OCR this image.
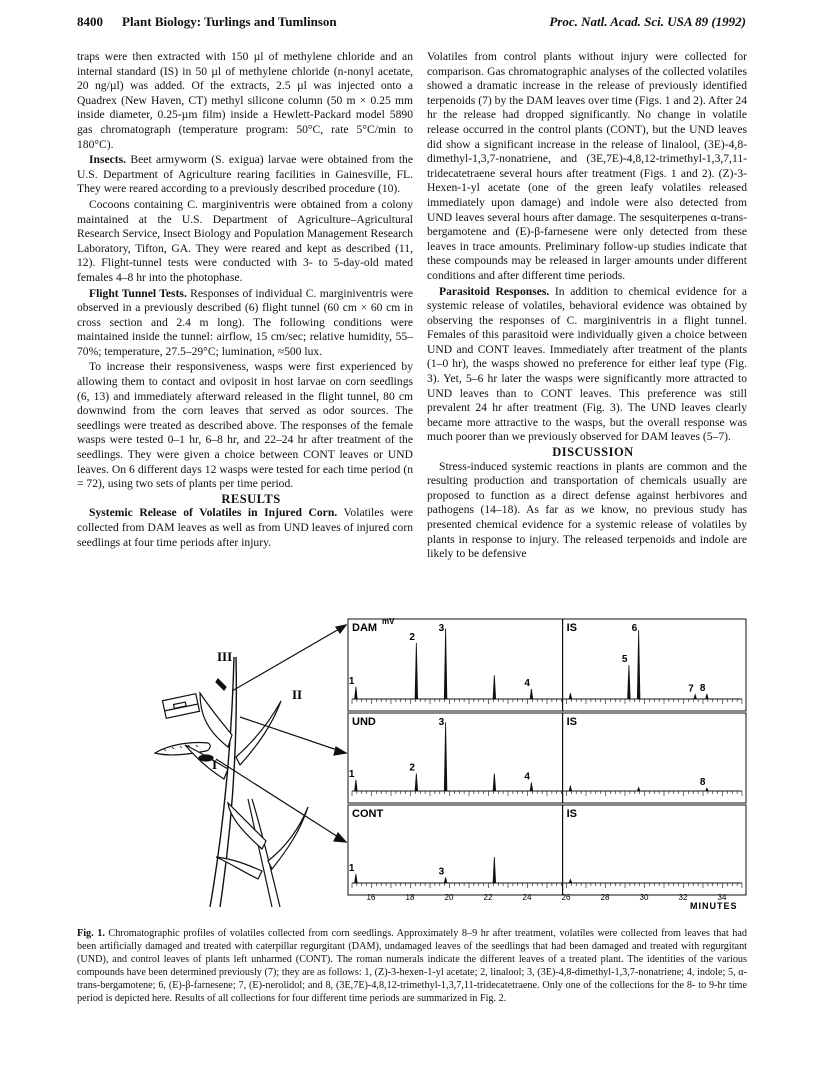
8400 Plant Biology: Turlings and Tumlinson	Proc. Natl. Acad. Sci. USA 89 (1992)

traps were then extracted with 150 µl of methylene chloride and an internal standard (IS) in 50 µl of methylene chloride (n-nonyl acetate, 20 ng/µl) was added. Of the extracts, 2.5 µl was injected onto a Quadrex (New Haven, CT) methyl silicone column (50 m × 0.25 mm inside diameter, 0.25-µm film) inside a Hewlett-Packard model 5890 gas chromatograph (temperature program: 50°C, rate 5°C/min to 180°C).

Insects. Beet armyworm (S. exigua) larvae were obtained from the U.S. Department of Agriculture rearing facilities in Gainesville, FL. They were reared according to a previously described procedure (10).

Cocoons containing C. marginiventris were obtained from a colony maintained at the U.S. Department of Agriculture–Agricultural Research Service, Insect Biology and Population Management Research Laboratory, Tifton, GA. They were reared and kept as described (11, 12). Flight-tunnel tests were conducted with 3- to 5-day-old mated females 4–8 hr into the photophase.

Flight Tunnel Tests. Responses of individual C. marginiventris were observed in a previously described (6) flight tunnel (60 cm × 60 cm in cross section and 2.4 m long). The following conditions were maintained inside the tunnel: airflow, 15 cm/sec; relative humidity, 55–70%; temperature, 27.5–29°C; lumination, ≈500 lux.

To increase their responsiveness, wasps were first experienced by allowing them to contact and oviposit in host larvae on corn seedlings (6, 13) and immediately afterward released in the flight tunnel, 80 cm downwind from the corn leaves that served as odor sources. The seedlings were treated as described above. The responses of the female wasps were tested 0–1 hr, 6–8 hr, and 22–24 hr after treatment of the seedlings. They were given a choice between CONT leaves or UND leaves. On 6 different days 12 wasps were tested for each time period (n = 72), using two sets of plants per time period.

RESULTS

Systemic Release of Volatiles in Injured Corn. Volatiles were collected from DAM leaves as well as from UND leaves of injured corn seedlings at four time periods after injury.

Volatiles from control plants without injury were collected for comparison. Gas chromatographic analyses of the collected volatiles showed a dramatic increase in the release of previously identified terpenoids (7) by the DAM leaves over time (Figs. 1 and 2). After 24 hr the release had dropped significantly. No change in volatile release occurred in the control plants (CONT), but the UND leaves did show a significant increase in the release of linalool, (3E)-4,8-dimethyl-1,3,7-nonatriene, and (3E,7E)-4,8,12-trimethyl-1,3,7,11-tridecatetraene several hours after treatment (Figs. 1 and 2). (Z)-3-Hexen-1-yl acetate (one of the green leafy volatiles released immediately upon damage) and indole were also detected from UND leaves several hours after damage. The sesquiterpenes α-trans-bergamotene and (E)-β-farnesene were only detected from these leaves in trace amounts. Preliminary follow-up studies indicate that these compounds may be released in larger amounts under different conditions and after different time periods.

Parasitoid Responses. In addition to chemical evidence for a systemic release of volatiles, behavioral evidence was obtained by observing the responses of C. marginiventris in a flight tunnel. Females of this parasitoid were individually given a choice between UND and CONT leaves. Immediately after treatment of the plants (1–0 hr), the wasps showed no preference for either leaf type (Fig. 3). Yet, 5–6 hr later the wasps were significantly more attracted to UND leaves than to CONT leaves. This preference was still prevalent 24 hr after treatment (Fig. 3). The UND leaves clearly became more attractive to the wasps, but the overall response was much poorer than we previously observed for DAM leaves (5–7).

DISCUSSION

Stress-induced systemic reactions in plants are common and the resulting production and transportation of chemicals usually are proposed to function as a direct defense against herbivores and pathogens (14–18). As far as we know, no previous study has presented chemical evidence for a systemic release of volatiles by plants in response to injury. The released terpenoids and indole are likely to be defensive

III
II
I
mV
DAM	IS
1
2
3
4
5
6
7 8
UND	IS
1
2
3
4
8
CONT	IS
1	3
16	18	20	22	24	26	28	30	32	34
MINUTES
Fig. 1. Chromatographic profiles of volatiles collected from corn seedlings. Approximately 8–9 hr after treatment, volatiles were collected from leaves that had been artificially damaged and treated with caterpillar regurgitant (DAM), undamaged leaves of the seedlings that had been damaged and treated with regurgitant (UND), and control leaves of plants left unharmed (CONT). The roman numerals indicate the different leaves of a treated plant. The identities of the various compounds have been determined previously (7); they are as follows: 1, (Z)-3-hexen-1-yl acetate; 2, linalool; 3, (3E)-4,8-dimethyl-1,3,7-nonatriene; 4, indole; 5, α-trans-bergamotene; 6, (E)-β-farnesene; 7, (E)-nerolidol; and 8, (3E,7E)-4,8,12-trimethyl-1,3,7,11-tridecatetraene. Only one of the collections for the 8- to 9-hr time period is depicted here. Results of all collections for four different time periods are summarized in Fig. 2.
